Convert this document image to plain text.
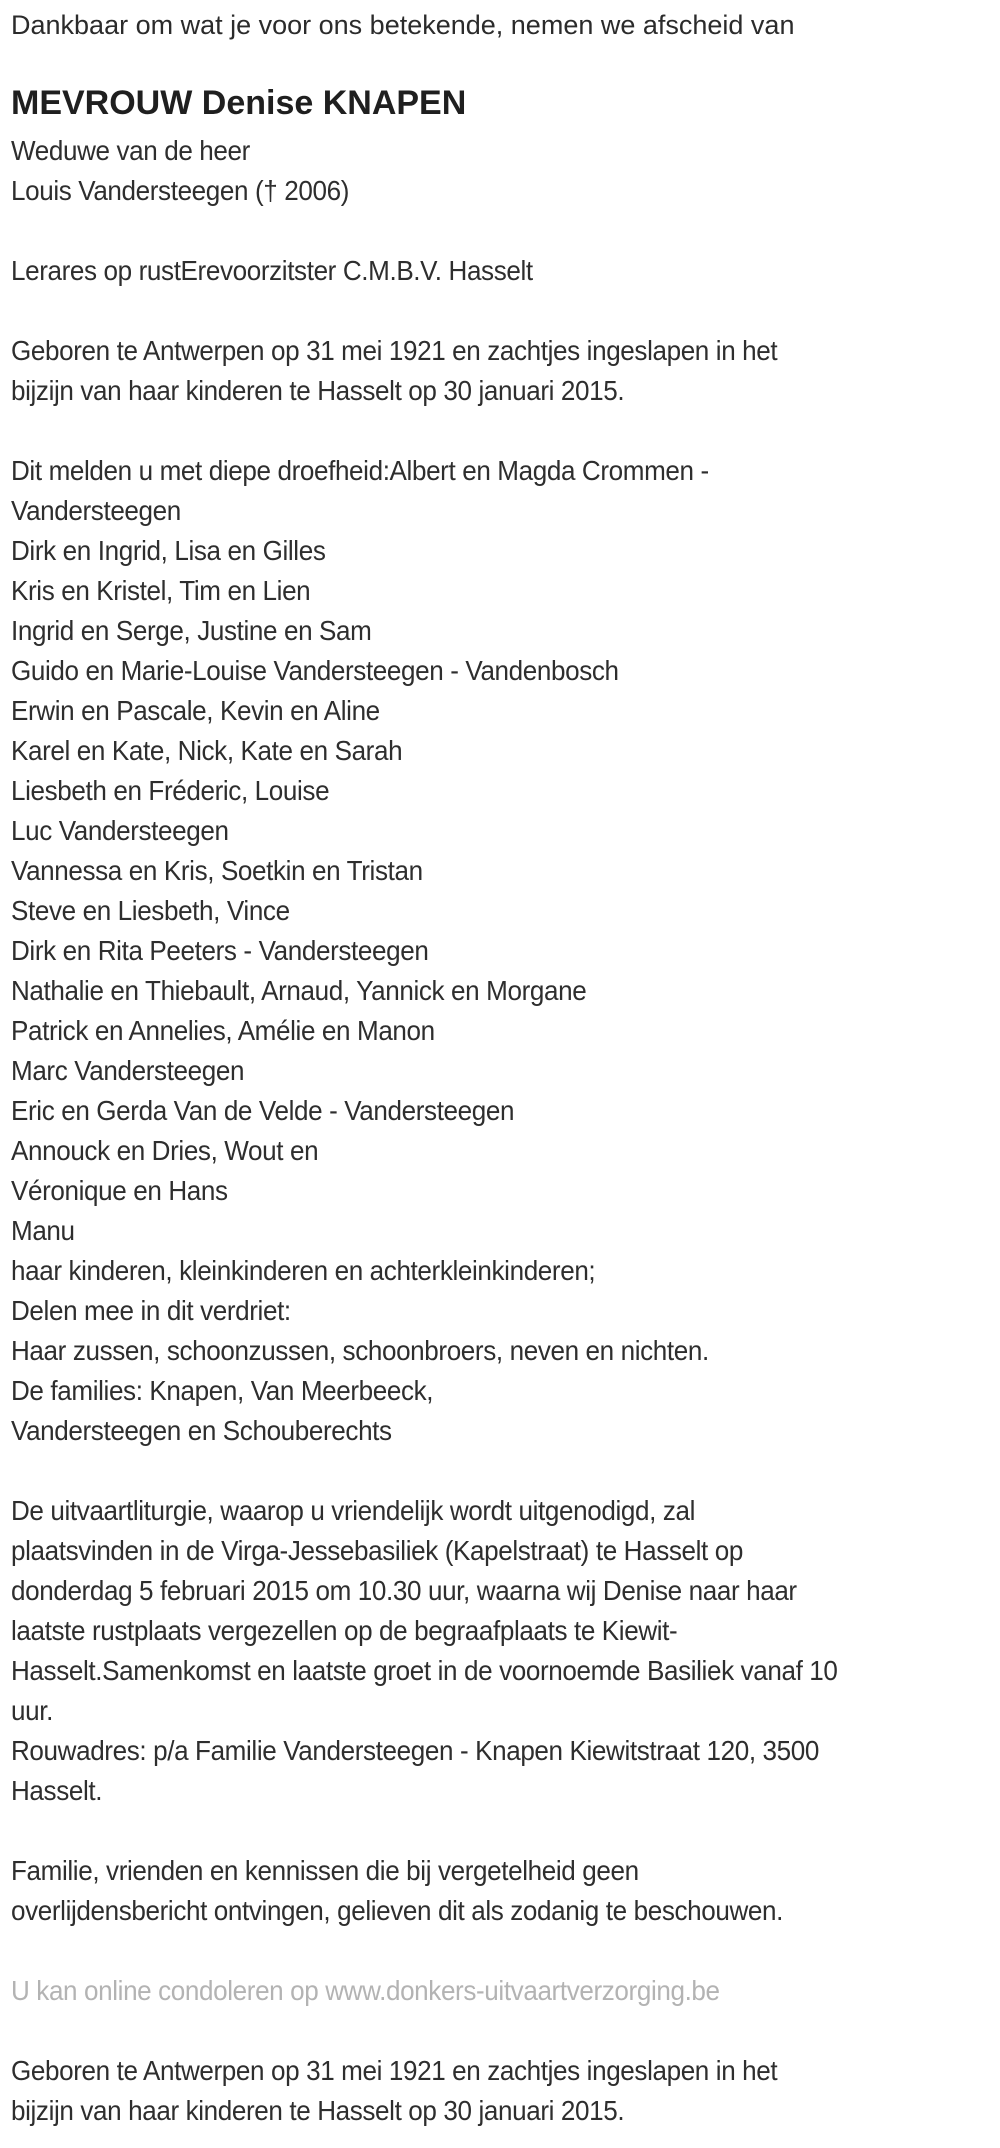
Dankbaar om wat je voor ons betekende, nemen we afscheid van
MEVROUW Denise KNAPEN
Weduwe van de heer
Louis Vandersteegen († 2006)
Lerares op rustErevoorzitster C.M.B.V. Hasselt
Geboren te Antwerpen op 31 mei 1921 en zachtjes ingeslapen in het
bijzijn van haar kinderen te Hasselt op 30 januari 2015.
Dit melden u met diepe droefheid:Albert en Magda Crommen -
Vandersteegen
Dirk en Ingrid, Lisa en Gilles
Kris en Kristel, Tim en Lien
Ingrid en Serge, Justine en Sam
Guido en Marie-Louise Vandersteegen - Vandenbosch
Erwin en Pascale, Kevin en Aline
Karel en Kate, Nick, Kate en Sarah
Liesbeth en Fréderic, Louise
Luc Vandersteegen
Vannessa en Kris, Soetkin en Tristan
Steve en Liesbeth, Vince
Dirk en Rita Peeters - Vandersteegen
Nathalie en Thiebault, Arnaud, Yannick en Morgane
Patrick en Annelies, Amélie en Manon
Marc Vandersteegen
Eric en Gerda Van de Velde - Vandersteegen
Annouck en Dries, Wout en
Véronique en Hans
Manu
haar kinderen, kleinkinderen en achterkleinkinderen;
Delen mee in dit verdriet:
Haar zussen, schoonzussen, schoonbroers, neven en nichten.
De families: Knapen, Van Meerbeeck,
Vandersteegen en Schouberechts
De uitvaartliturgie, waarop u vriendelijk wordt uitgenodigd, zal
plaatsvinden in de Virga-Jessebasiliek (Kapelstraat) te Hasselt op
donderdag 5 februari 2015 om 10.30 uur, waarna wij Denise naar haar
laatste rustplaats vergezellen op de begraafplaats te Kiewit-
Hasselt.Samenkomst en laatste groet in de voornoemde Basiliek vanaf 10
uur.
Rouwadres: p/a Familie Vandersteegen - Knapen Kiewitstraat 120, 3500
Hasselt.
Familie, vrienden en kennissen die bij vergetelheid geen
overlijdensbericht ontvingen, gelieven dit als zodanig te beschouwen.
U kan online condoleren op www.donkers-uitvaartverzorging.be
Geboren te Antwerpen op 31 mei 1921 en zachtjes ingeslapen in het
bijzijn van haar kinderen te Hasselt op 30 januari 2015.
